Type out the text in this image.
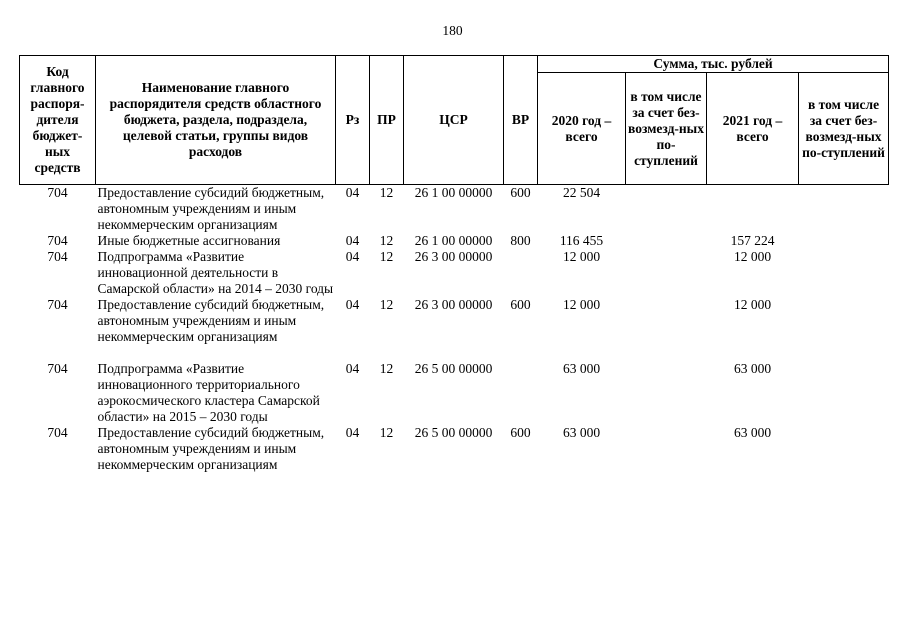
180
Код главного распоря-дителя бюджет-ных средств	Наименование главного распорядителя средств областного бюджета, раздела, подраздела, целевой статьи, группы видов расходов	Рз	ПР	ЦСР	ВР	Сумма, тыс. рублей			
						2020 год – всего	в том числе за счет без-возмезд-ных по-ступлений	2021 год – всего	в том числе за счет без-возмезд-ных по-ступлений
704	Предоставление субсидий бюджетным, автономным учреждениям и иным некоммерческим организациям	04	12	26 1 00 00000	600	22 504			
704	Иные бюджетные ассигнования	04	12	26 1 00 00000	800	116 455		157 224	
704	Подпрограмма «Развитие инновационной деятельности в Самарской области» на 2014 – 2030 годы	04	12	26 3 00 00000		12 000		12 000	
704	Предоставление субсидий бюджетным, автономным учреждениям и иным некоммерческим организациям	04	12	26 3 00 00000	600	12 000		12 000	

704	Подпрограмма «Развитие инновационного территориального аэрокосмического кластера Самарской области» на 2015 – 2030 годы	04	12	26 5 00 00000		63 000		63 000	
704	Предоставление субсидий бюджетным, автономным учреждениям и иным некоммерческим организациям	04	12	26 5 00 00000	600	63 000		63 000	
